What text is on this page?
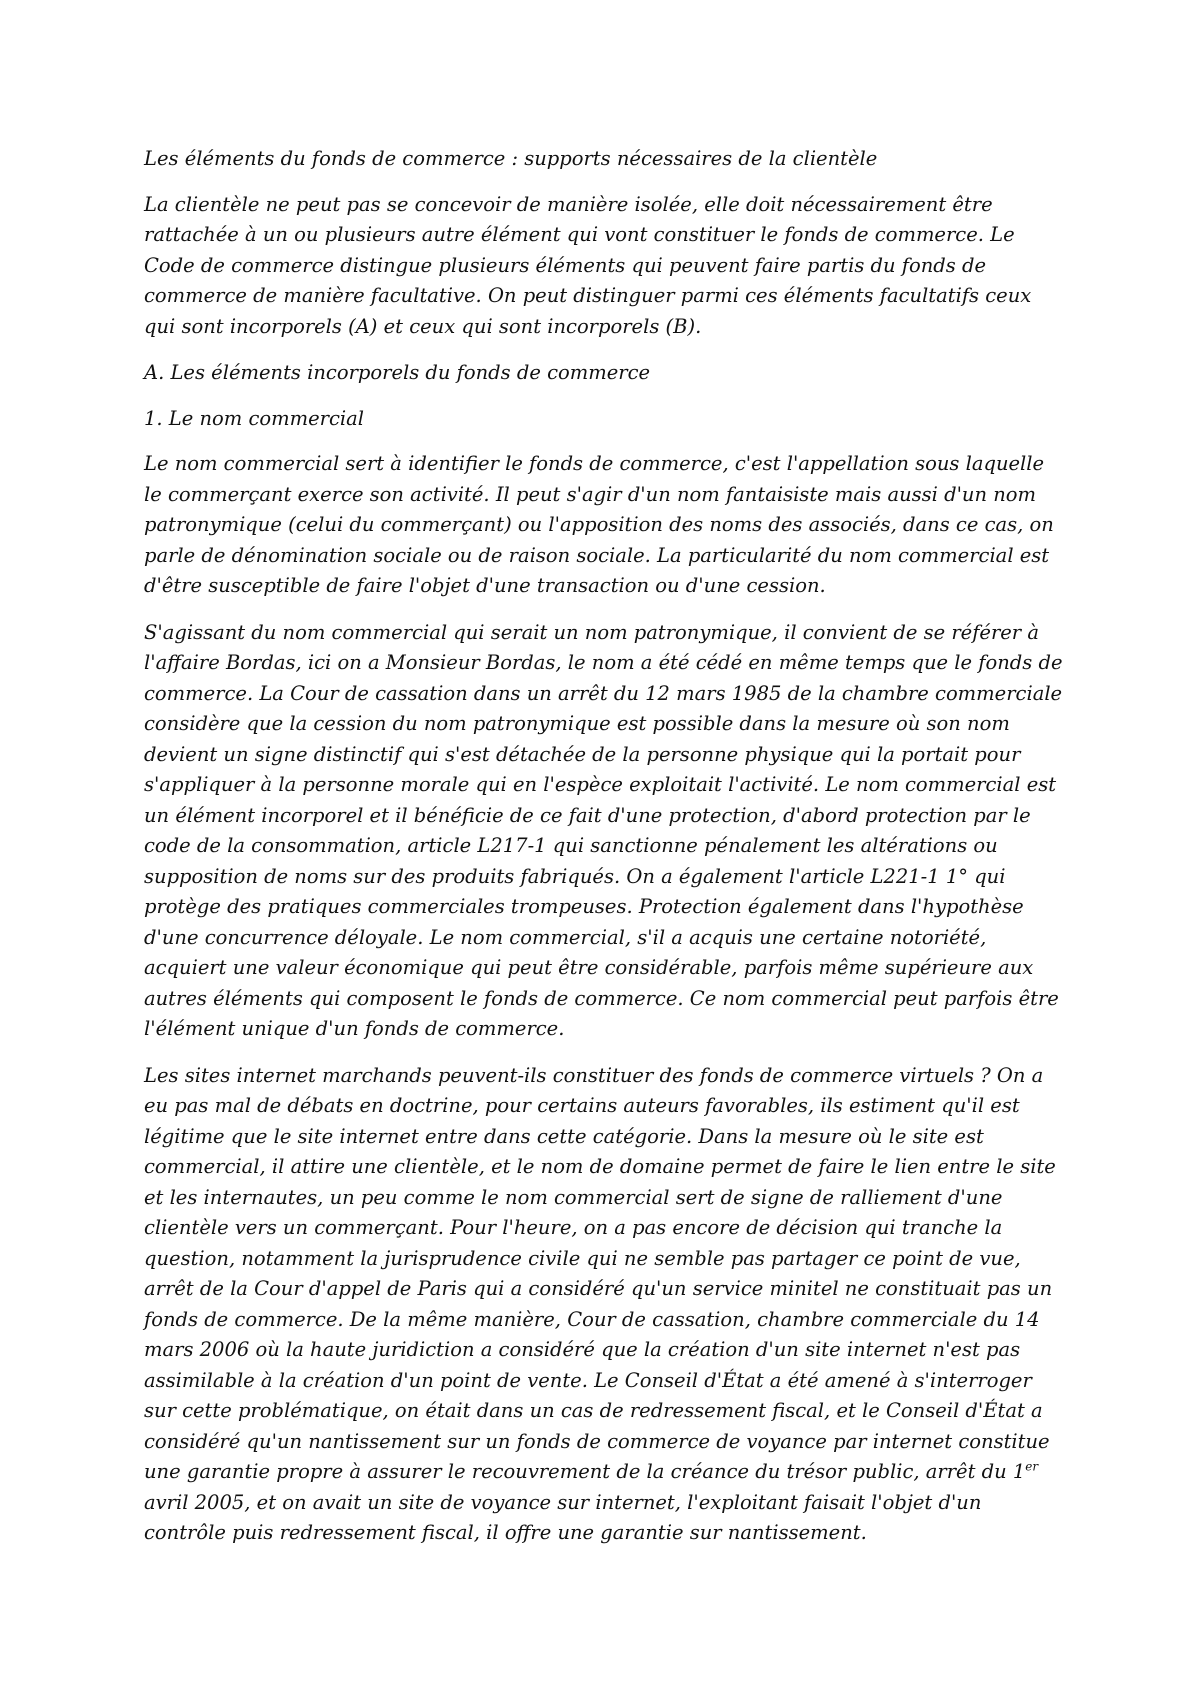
Les éléments du fonds de commerce : supports nécessaires de la clientèle

La clientèle ne peut pas se concevoir de manière isolée, elle doit nécessairement être rattachée à un ou plusieurs autre élément qui vont constituer le fonds de commerce. Le Code de commerce distingue plusieurs éléments qui peuvent faire partis du fonds de commerce de manière facultative. On peut distinguer parmi ces éléments facultatifs ceux qui sont incorporels (A) et ceux qui sont incorporels (B).

A. Les éléments incorporels du fonds de commerce

1. Le nom commercial

Le nom commercial sert à identifier le fonds de commerce, c'est l'appellation sous laquelle le commerçant exerce son activité. Il peut s'agir d'un nom fantaisiste mais aussi d'un nom patronymique (celui du commerçant) ou l'apposition des noms des associés, dans ce cas, on parle de dénomination sociale ou de raison sociale. La particularité du nom commercial est d'être susceptible de faire l'objet d'une transaction ou d'une cession.

S'agissant du nom commercial qui serait un nom patronymique, il convient de se référer à l'affaire Bordas, ici on a Monsieur Bordas, le nom a été cédé en même temps que le fonds de commerce. La Cour de cassation dans un arrêt du 12 mars 1985 de la chambre commerciale considère que la cession du nom patronymique est possible dans la mesure où son nom devient un signe distinctif qui s'est détachée de la personne physique qui la portait pour s'appliquer à la personne morale qui en l'espèce exploitait l'activité. Le nom commercial est un élément incorporel et il bénéficie de ce fait d'une protection, d'abord protection par le code de la consommation, article L217-1 qui sanctionne pénalement les altérations ou supposition de noms sur des produits fabriqués. On a également l'article L221-1 1° qui protège des pratiques commerciales trompeuses. Protection également dans l'hypothèse d'une concurrence déloyale. Le nom commercial, s'il a acquis une certaine notoriété, acquiert une valeur économique qui peut être considérable, parfois même supérieure aux autres éléments qui composent le fonds de commerce. Ce nom commercial peut parfois être l'élément unique d'un fonds de commerce.

Les sites internet marchands peuvent-ils constituer des fonds de commerce virtuels ? On a eu pas mal de débats en doctrine, pour certains auteurs favorables, ils estiment qu'il est légitime que le site internet entre dans cette catégorie. Dans la mesure où le site est commercial, il attire une clientèle, et le nom de domaine permet de faire le lien entre le site et les internautes, un peu comme le nom commercial sert de signe de ralliement d'une clientèle vers un commerçant. Pour l'heure, on a pas encore de décision qui tranche la question, notamment la jurisprudence civile qui ne semble pas partager ce point de vue, arrêt de la Cour d'appel de Paris qui a considéré qu'un service minitel ne constituait pas un fonds de commerce. De la même manière, Cour de cassation, chambre commerciale du 14 mars 2006 où la haute juridiction a considéré que la création d'un site internet n'est pas assimilable à la création d'un point de vente. Le Conseil d'État a été amené à s'interroger sur cette problématique, on était dans un cas de redressement fiscal, et le Conseil d'État a considéré qu'un nantissement sur un fonds de commerce de voyance par internet constitue une garantie propre à assurer le recouvrement de la créance du trésor public, arrêt du 1er avril 2005, et on avait un site de voyance sur internet, l'exploitant faisait l'objet d'un contrôle puis redressement fiscal, il offre une garantie sur nantissement.
